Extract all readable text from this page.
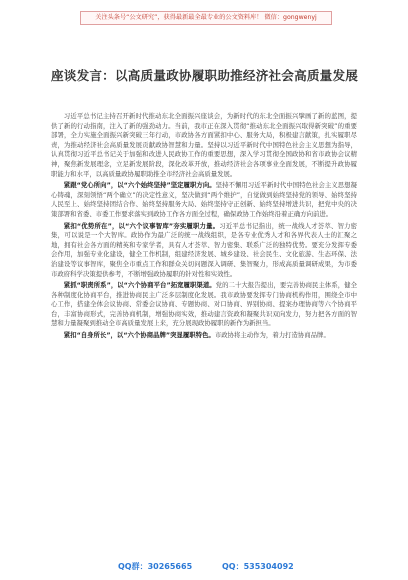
关注头条号“公文研究”，获得最新最全最专业的公文资料库！ 微信：gongwenyj
座谈发言：以高质量政协履职助推经济社会高质量发展

习近平总书记主持召开新时代推动东北全面振兴座谈会，为新时代的东北全面振兴擘画了新的蓝图，提供了新的行动指南，注入了新的强劲动力。当前，我市正在深入贯彻“推动东北全面振兴取得新突破”的重要部署，全力实施全面振兴新突破三年行动，市政协各方面紧扣中心、服务大局，积极建言献策，扎实履职尽责，为推动经济社会高质量发展贡献政协智慧和力量。坚持以习近平新时代中国特色社会主义思想为指导，认真贯彻习近平总书记关于加强和改进人民政协工作的重要思想，深入学习贯彻全国政协和省市政协会议精神，聚焦新发展理念，立足新发展阶段，深化改革开放，推动经济社会各项事业全面发展，不断提升政协履职能力和水平，以高质量政协履职助推全市经济社会高质量发展。

紧跟“党心所向”，以“六个始终坚持”坚定履职方向。坚持不懈用习近平新时代中国特色社会主义思想凝心铸魂，深刻领悟“两个确立”的决定性意义，坚决做到“两个维护”，自觉做到始终坚持党的领导、始终坚持人民至上、始终坚持团结合作、始终坚持服务大局、始终坚持守正创新、始终坚持增进共识，把党中央的决策部署和省委、市委工作要求落实到政协工作各方面全过程，确保政协工作始终沿着正确方向前进。

紧扣“优势所在”，以“六个议事智库”夯实履职力量。习近平总书记指出，统一战线人才荟萃、智力密集，可以说是一个大智库。政协作为最广泛的统一战线组织，是各专业优秀人才和各界代表人士的汇聚之地，拥有社会各方面的精英和专家学者，具有人才荟萃、智力密集、联系广泛的独特优势。要充分发挥专委会作用，加强专业化建设，健全工作机制，组建经济发展、城乡建设、社会民生、文化旅游、生态环保、法治建设等议事智库，聚焦全市重点工作和群众关切问题深入调研、集智聚力，形成高质量调研成果，为市委市政府科学决策提供参考，不断增强政协履职的针对性和实效性。

紧抓“职责所系”，以“六个协商平台”拓宽履职渠道。党的二十大报告提出，要完善协商民主体系，健全各种制度化协商平台，推进协商民主广泛多层制度化发展。我市政协要发挥专门协商机构作用，围绕全市中心工作，搭建全体会议协商、常委会议协商、专题协商、对口协商、界别协商、提案办理协商等六个协商平台，丰富协商形式，完善协商机制，增强协商实效，推动建言资政和凝聚共识双向发力，努力把各方面的智慧和力量凝聚到推动全市高质量发展上来，充分展现政协履职的新作为新担当。

紧扣“自身所长”，以“六个协商品牌”突显履职特色。市政协将主动作为，着力打造协商品牌。

QQ群：30265665	QQ：535304092
